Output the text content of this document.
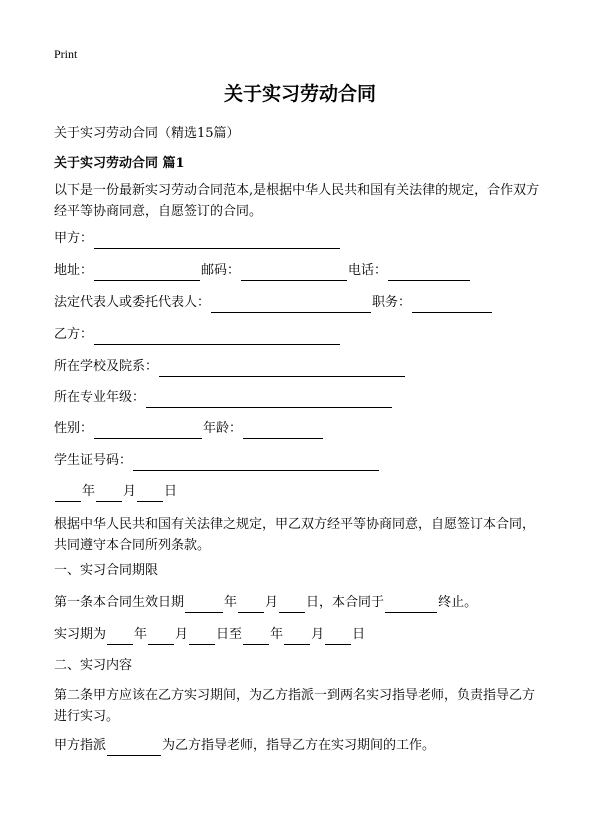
Print
关于实习劳动合同
关于实习劳动合同（精选15篇）
关于实习劳动合同 篇1
以下是一份最新实习劳动合同范本,是根据中华人民共和国有关法律的规定，合作双方经平等协商同意，自愿签订的合同。
甲方：
地址：	邮码：	电话：
法定代表人或委托代表人：	职务：
乙方：
所在学校及院系：
所在专业年级：
性别：	年龄：
学生证号码：
年 月 日
根据中华人民共和国有关法律之规定，甲乙双方经平等协商同意，自愿签订本合同，共同遵守本合同所列条款。
一、实习合同期限
第一条本合同生效日期	年 月 日，本合同于	终止。
实习期为 年 月 日至 年 月 日
二、实习内容
第二条甲方应该在乙方实习期间，为乙方指派一到两名实习指导老师，负责指导乙方进行实习。
甲方指派	为乙方指导老师，指导乙方在实习期间的工作。
